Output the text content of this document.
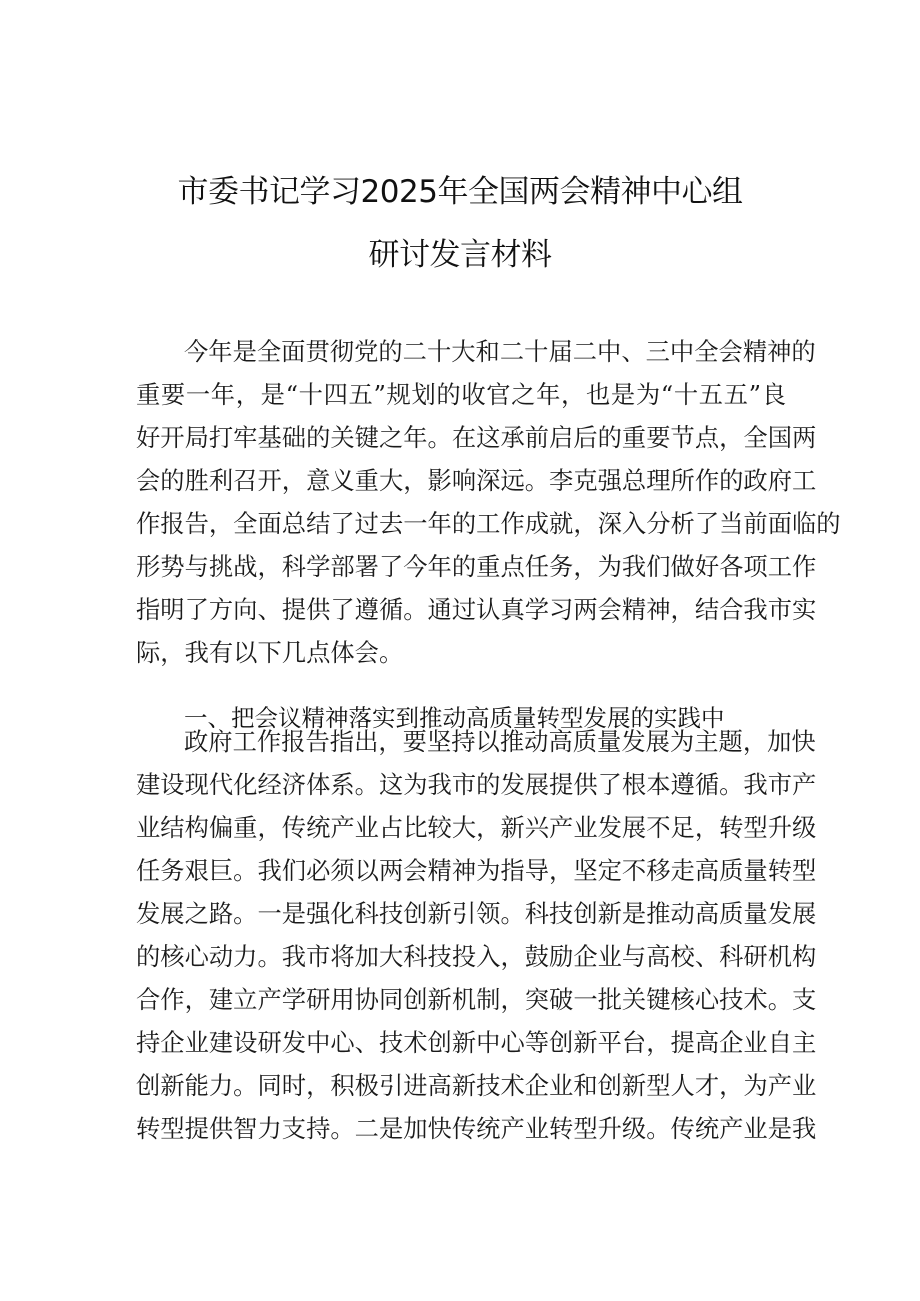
市委书记学习2025年全国两会精神中心组
研讨发言材料
今年是全面贯彻党的二十大和二十届二中、三中全会精神的
重要一年，是“十四五”规划的收官之年，也是为“十五五”良
好开局打牢基础的关键之年。在这承前启后的重要节点，全国两
会的胜利召开，意义重大，影响深远。李克强总理所作的政府工
作报告，全面总结了过去一年的工作成就，深入分析了当前面临的
形势与挑战，科学部署了今年的重点任务，为我们做好各项工作
指明了方向、提供了遵循。通过认真学习两会精神，结合我市实
际，我有以下几点体会。
一、把会议精神落实到推动高质量转型发展的实践中
政府工作报告指出，要坚持以推动高质量发展为主题，加快
建设现代化经济体系。这为我市的发展提供了根本遵循。我市产
业结构偏重，传统产业占比较大，新兴产业发展不足，转型升级
任务艰巨。我们必须以两会精神为指导，坚定不移走高质量转型
发展之路。一是强化科技创新引领。科技创新是推动高质量发展
的核心动力。我市将加大科技投入，鼓励企业与高校、科研机构
合作，建立产学研用协同创新机制，突破一批关键核心技术。支
持企业建设研发中心、技术创新中心等创新平台，提高企业自主
创新能力。同时，积极引进高新技术企业和创新型人才，为产业
转型提供智力支持。二是加快传统产业转型升级。传统产业是我
